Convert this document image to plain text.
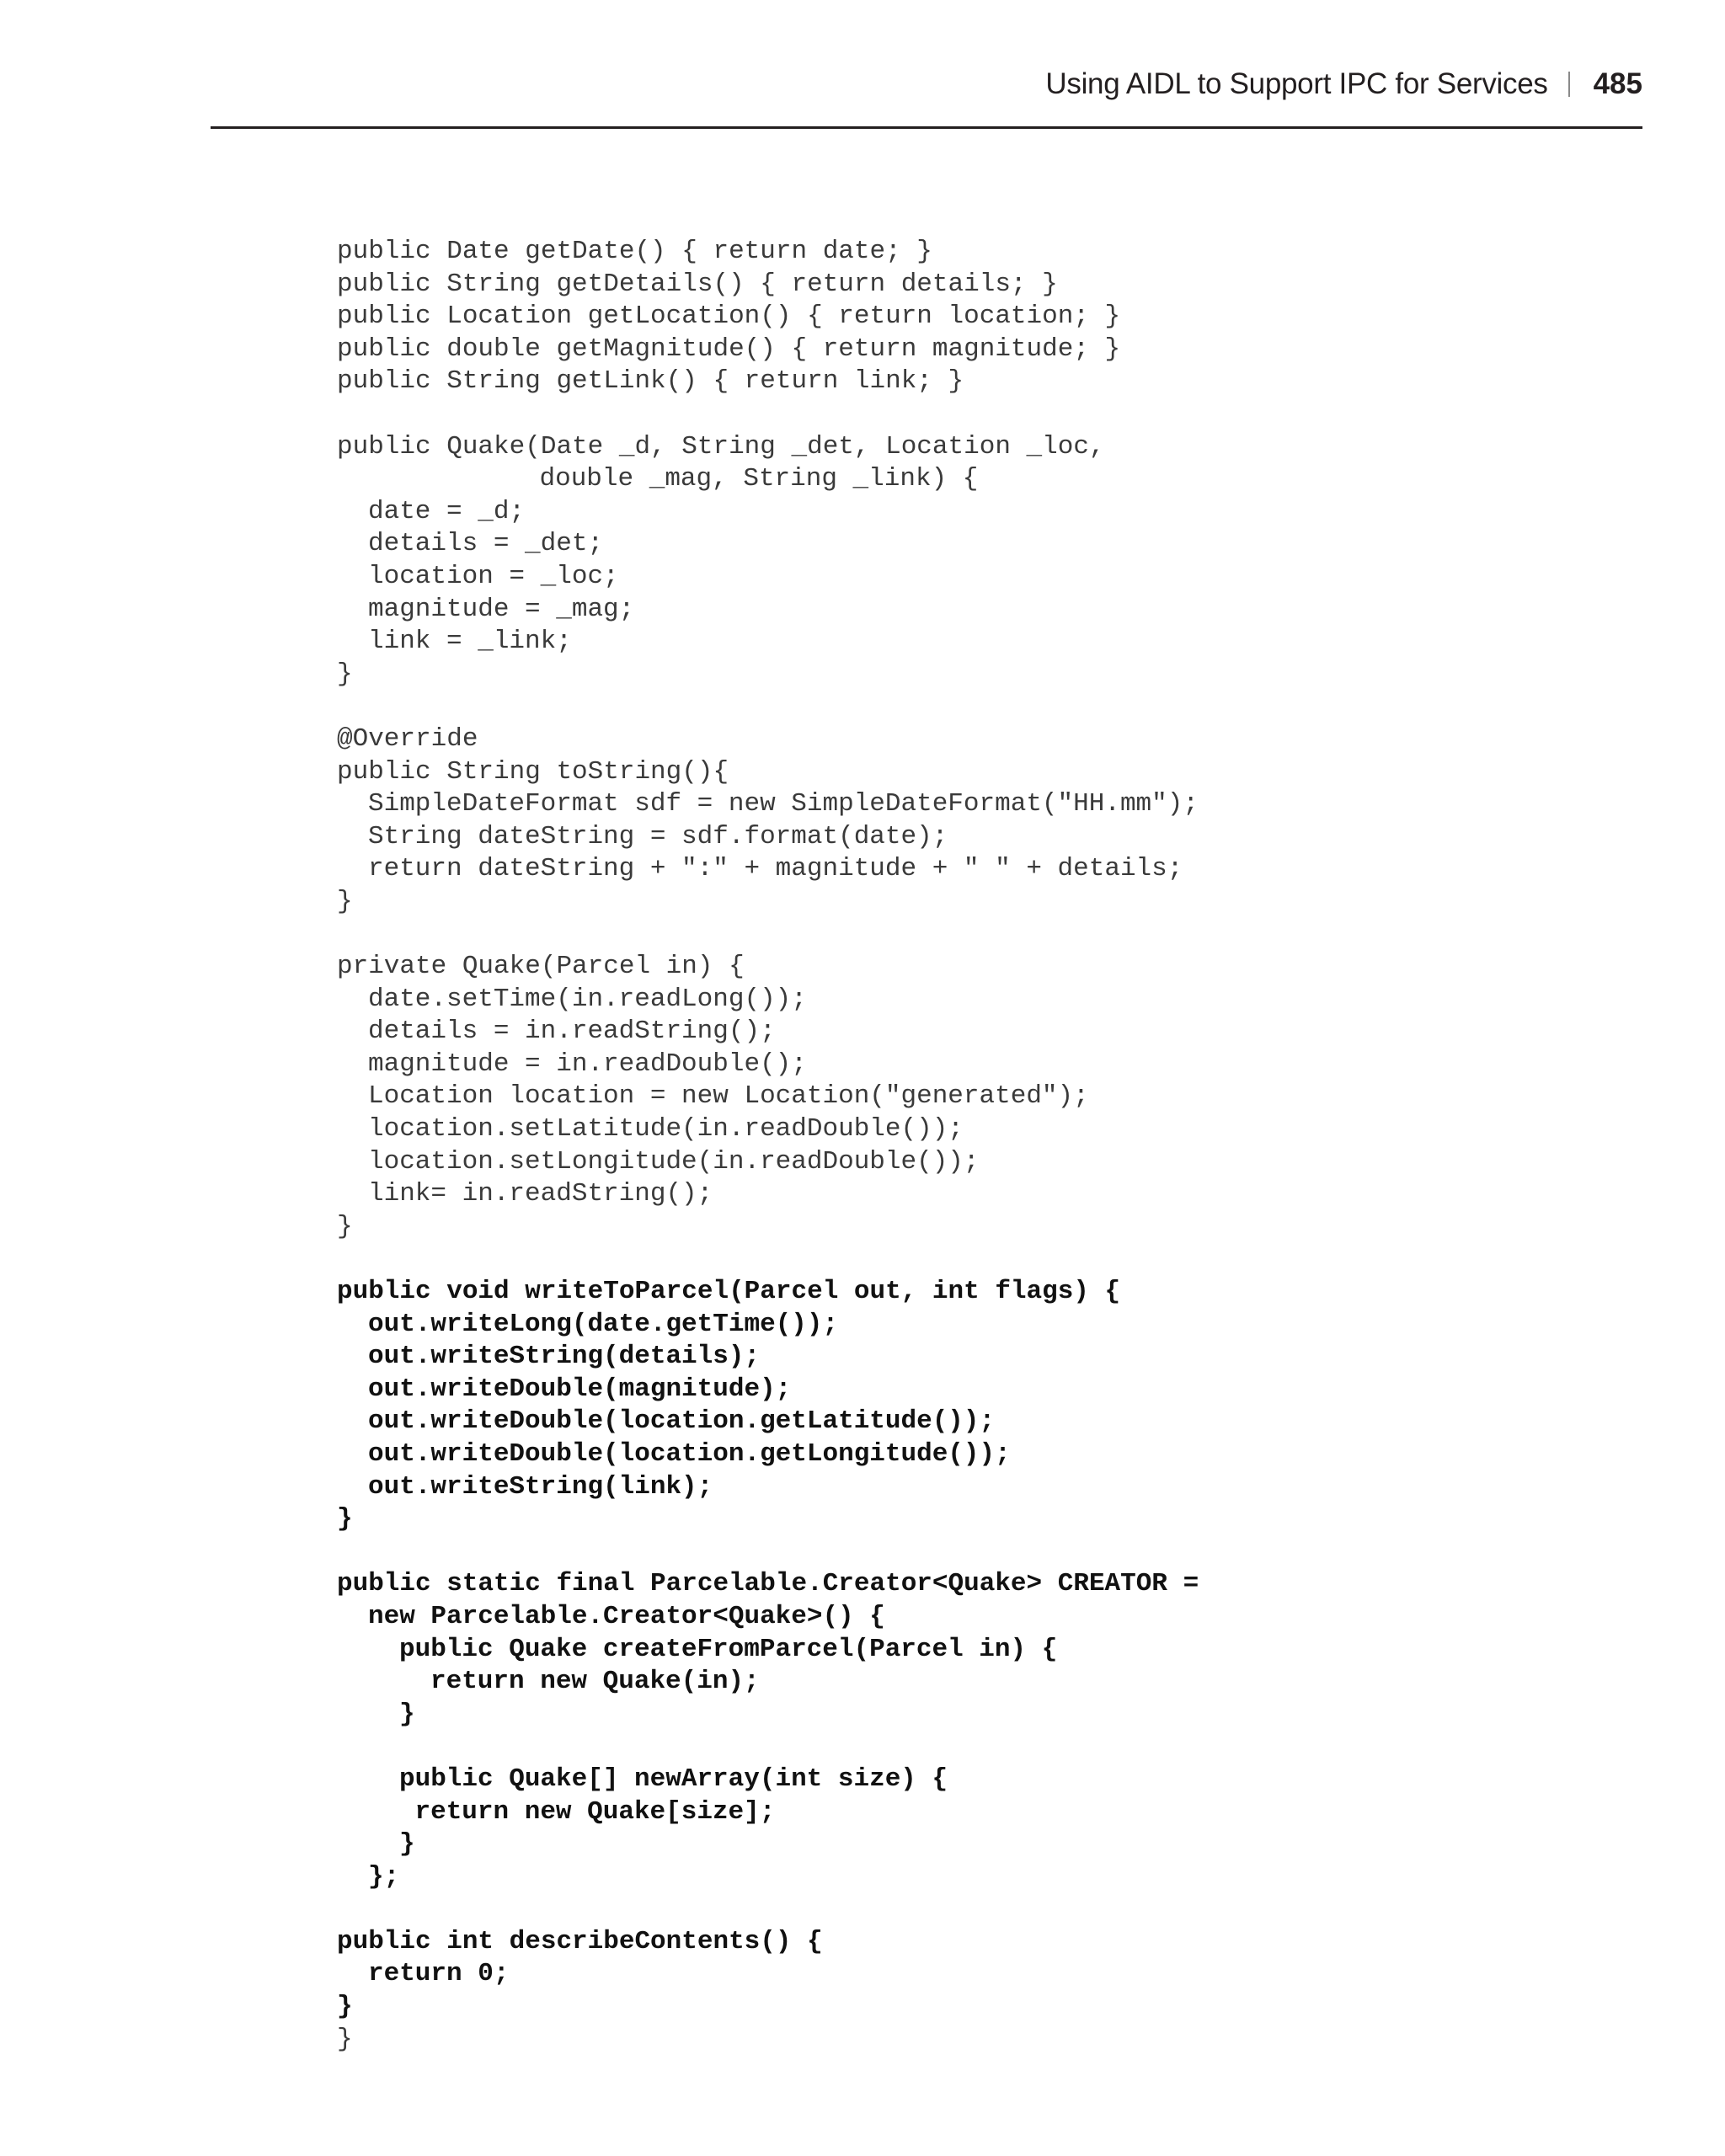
Using AIDL to Support IPC for Services 485
public Date getDate() { return date; }
public String getDetails() { return details; }
public Location getLocation() { return location; }
public double getMagnitude() { return magnitude; }
public String getLink() { return link; }
public Quake(Date _d, String _det, Location _loc,
double _mag, String _link) {
date = _d;
details = _det;
location = _loc;
magnitude = _mag;
link = _link;
}
@Override
public String toString(){
SimpleDateFormat sdf = new SimpleDateFormat("HH.mm");
String dateString = sdf.format(date);
return dateString + ":" + magnitude + " " + details;
}
private Quake(Parcel in) {
date.setTime(in.readLong());
details = in.readString();
magnitude = in.readDouble();
Location location = new Location("generated");
location.setLatitude(in.readDouble());
location.setLongitude(in.readDouble());
link= in.readString();
}
public void writeToParcel(Parcel out, int flags) {
out.writeLong(date.getTime());
out.writeString(details);
out.writeDouble(magnitude);
out.writeDouble(location.getLatitude());
out.writeDouble(location.getLongitude());
out.writeString(link);
}
public static final Parcelable.Creator<Quake> CREATOR =
new Parcelable.Creator<Quake>() {
public Quake createFromParcel(Parcel in) {
return new Quake(in);
}
public Quake[] newArray(int size) {
return new Quake[size];
}
};
public int describeContents() {
return 0;
}
}
